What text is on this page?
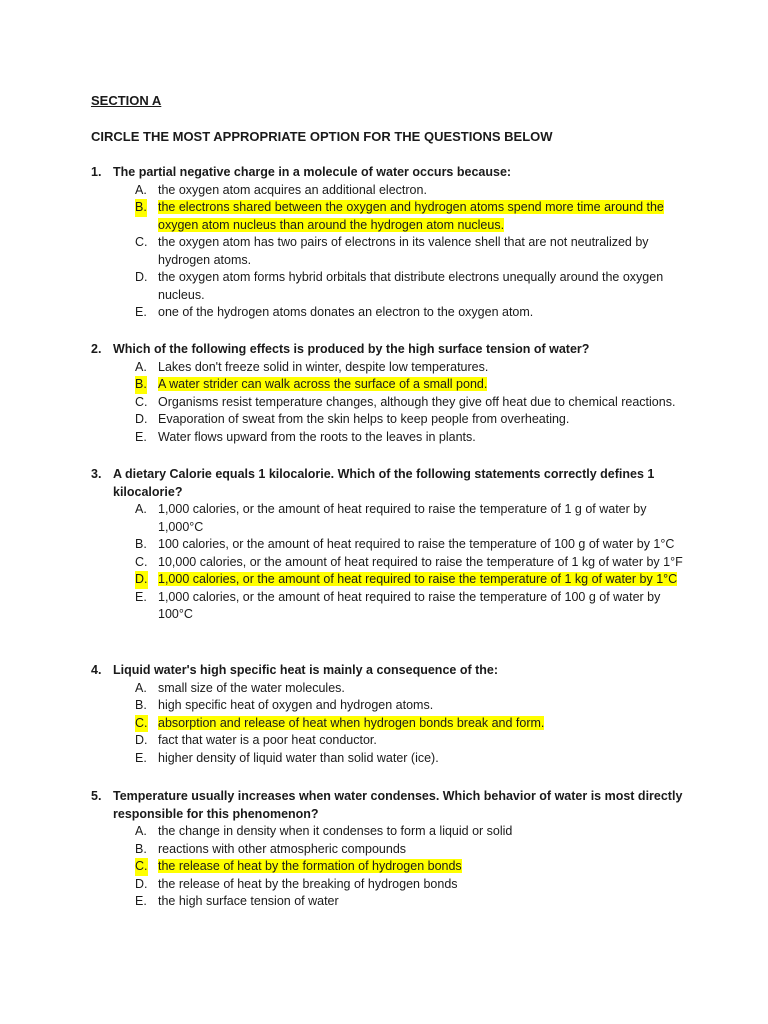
SECTION A
CIRCLE THE MOST APPROPRIATE OPTION FOR THE QUESTIONS BELOW
1. The partial negative charge in a molecule of water occurs because:
A. the oxygen atom acquires an additional electron.
B. the electrons shared between the oxygen and hydrogen atoms spend more time around the oxygen atom nucleus than around the hydrogen atom nucleus.
C. the oxygen atom has two pairs of electrons in its valence shell that are not neutralized by hydrogen atoms.
D. the oxygen atom forms hybrid orbitals that distribute electrons unequally around the oxygen nucleus.
E. one of the hydrogen atoms donates an electron to the oxygen atom.
2. Which of the following effects is produced by the high surface tension of water?
A. Lakes don't freeze solid in winter, despite low temperatures.
B. A water strider can walk across the surface of a small pond.
C. Organisms resist temperature changes, although they give off heat due to chemical reactions.
D. Evaporation of sweat from the skin helps to keep people from overheating.
E. Water flows upward from the roots to the leaves in plants.
3. A dietary Calorie equals 1 kilocalorie. Which of the following statements correctly defines 1 kilocalorie?
A. 1,000 calories, or the amount of heat required to raise the temperature of 1 g of water by 1,000°C
B. 100 calories, or the amount of heat required to raise the temperature of 100 g of water by 1°C
C. 10,000 calories, or the amount of heat required to raise the temperature of 1 kg of water by 1°F
D. 1,000 calories, or the amount of heat required to raise the temperature of 1 kg of water by 1°C
E. 1,000 calories, or the amount of heat required to raise the temperature of 100 g of water by 100°C
4. Liquid water's high specific heat is mainly a consequence of the:
A. small size of the water molecules.
B. high specific heat of oxygen and hydrogen atoms.
C. absorption and release of heat when hydrogen bonds break and form.
D. fact that water is a poor heat conductor.
E. higher density of liquid water than solid water (ice).
5. Temperature usually increases when water condenses. Which behavior of water is most directly responsible for this phenomenon?
A. the change in density when it condenses to form a liquid or solid
B. reactions with other atmospheric compounds
C. the release of heat by the formation of hydrogen bonds
D. the release of heat by the breaking of hydrogen bonds
E. the high surface tension of water
